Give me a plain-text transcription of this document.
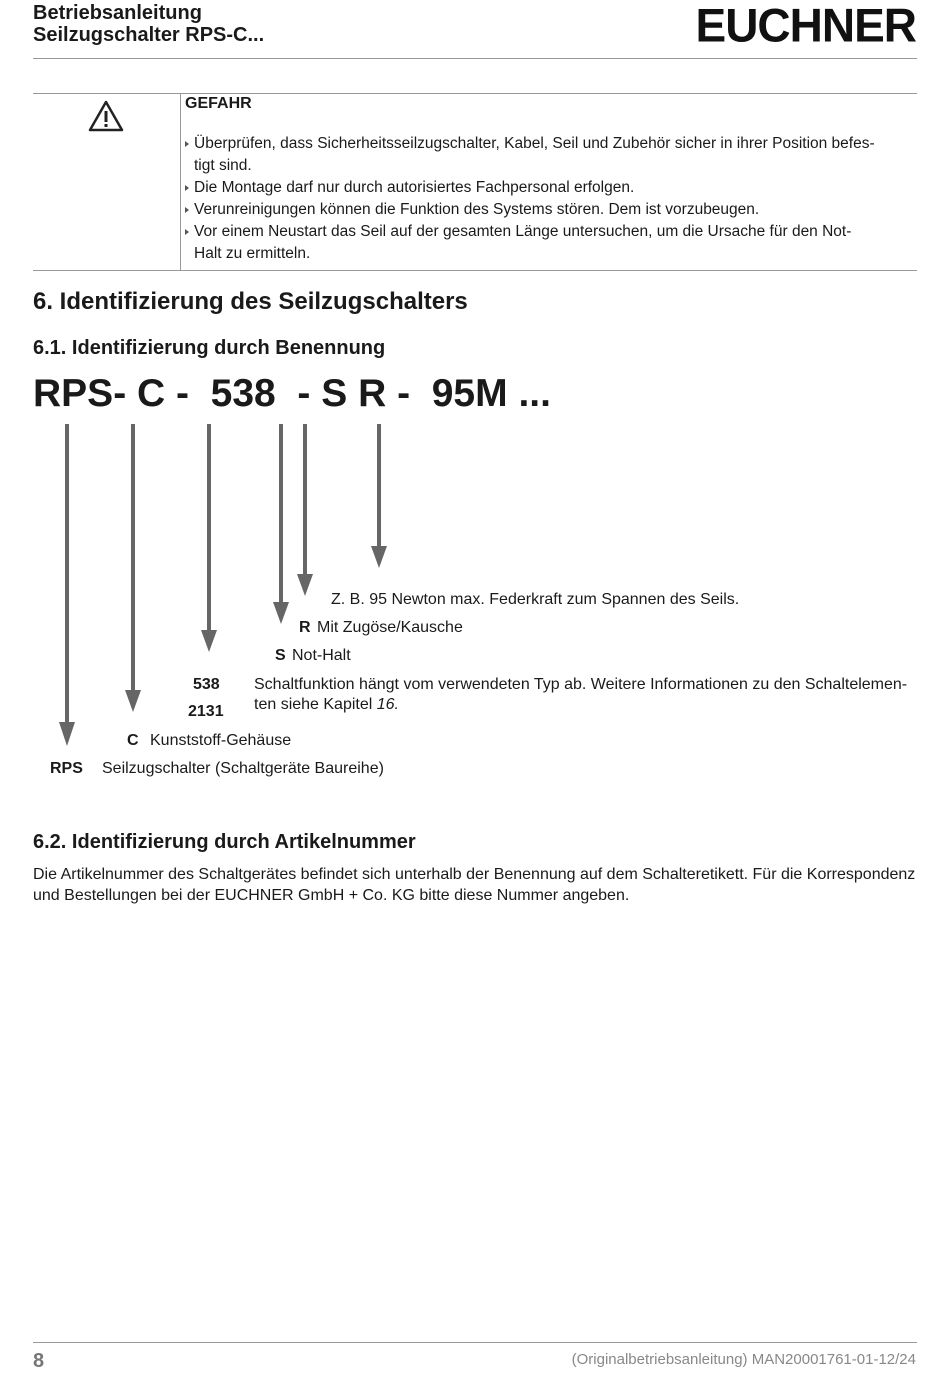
Betriebsanleitung
Seilzugschalter RPS-C...	EUCHNER
GEFAHR
Überprüfen, dass Sicherheitsseilzugschalter, Kabel, Seil und Zubehör sicher in ihrer Position befes-
tigt sind.
Die Montage darf nur durch autorisiertes Fachpersonal erfolgen.
Verunreinigungen können die Funktion des Systems stören. Dem ist vorzubeugen.
Vor einem Neustart das Seil auf der gesamten Länge untersuchen, um die Ursache für den Not-
Halt zu ermitteln.
6. Identifizierung des Seilzugschalters
6.1. Identifizierung durch Benennung
RPS- C -  538  - S R -  95M ...
Z. B. 95 Newton max. Federkraft zum Spannen des Seils.
R Mit Zugöse/Kausche
S Not-Halt
538
2131
Schaltfunktion hängt vom verwendeten Typ ab. Weitere Informationen zu den Schaltelemen-
ten siehe Kapitel 16.
C Kunststoff-Gehäuse
RPS Seilzugschalter (Schaltgeräte Baureihe)
6.2. Identifizierung durch Artikelnummer
Die Artikelnummer des Schaltgerätes befindet sich unterhalb der Benennung auf dem Schalteretikett. Für die Korrespondenz
und Bestellungen bei der EUCHNER GmbH + Co. KG bitte diese Nummer angeben.
8	(Originalbetriebsanleitung) MAN20001761-01-12/24
